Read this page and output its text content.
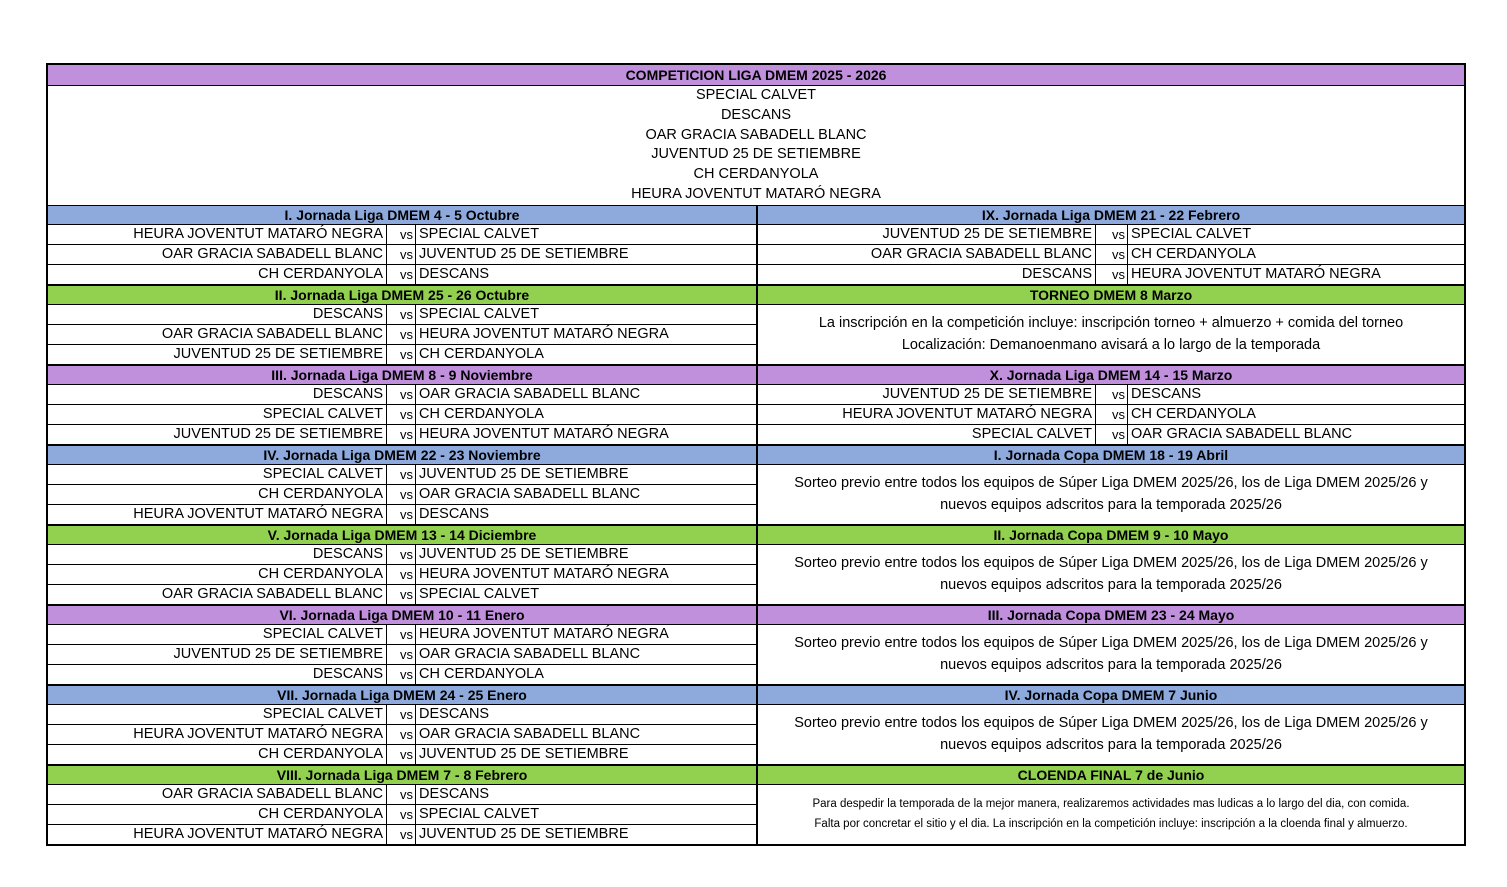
COMPETICION LIGA DMEM 2025 - 2026
SPECIAL CALVET
DESCANS
OAR GRACIA SABADELL BLANC
JUVENTUD 25 DE SETIEMBRE
CH CERDANYOLA
HEURA JOVENTUT MATARÓ NEGRA
I. Jornada Liga DMEM 4 - 5 Octubre
HEURA JOVENTUT MATARÓ NEGRA	vs SPECIAL CALVET
OAR GRACIA SABADELL BLANC	vs JUVENTUD 25 DE SETIEMBRE
CH CERDANYOLA	vs DESCANS
II. Jornada Liga DMEM 25 - 26 Octubre
DESCANS	vs SPECIAL CALVET
OAR GRACIA SABADELL BLANC	vs HEURA JOVENTUT MATARÓ NEGRA
JUVENTUD 25 DE SETIEMBRE	vs CH CERDANYOLA
III. Jornada Liga DMEM 8 - 9 Noviembre
DESCANS	vs OAR GRACIA SABADELL BLANC
SPECIAL CALVET	vs CH CERDANYOLA
JUVENTUD 25 DE SETIEMBRE	vs HEURA JOVENTUT MATARÓ NEGRA
IV. Jornada Liga DMEM 22 - 23 Noviembre
SPECIAL CALVET	vs JUVENTUD 25 DE SETIEMBRE
CH CERDANYOLA	vs OAR GRACIA SABADELL BLANC
HEURA JOVENTUT MATARÓ NEGRA	vs DESCANS
V. Jornada Liga DMEM 13 - 14 Diciembre
DESCANS	vs JUVENTUD 25 DE SETIEMBRE
CH CERDANYOLA	vs HEURA JOVENTUT MATARÓ NEGRA
OAR GRACIA SABADELL BLANC	vs SPECIAL CALVET
VI. Jornada Liga DMEM 10 - 11 Enero
SPECIAL CALVET	vs HEURA JOVENTUT MATARÓ NEGRA
JUVENTUD 25 DE SETIEMBRE	vs OAR GRACIA SABADELL BLANC
DESCANS	vs CH CERDANYOLA
VII. Jornada Liga DMEM 24 - 25 Enero
SPECIAL CALVET	vs DESCANS
HEURA JOVENTUT MATARÓ NEGRA	vs OAR GRACIA SABADELL BLANC
CH CERDANYOLA	vs JUVENTUD 25 DE SETIEMBRE
VIII. Jornada Liga DMEM 7 - 8 Febrero
OAR GRACIA SABADELL BLANC	vs DESCANS
CH CERDANYOLA	vs SPECIAL CALVET
HEURA JOVENTUT MATARÓ NEGRA	vs JUVENTUD 25 DE SETIEMBRE
IX. Jornada Liga DMEM 21 - 22 Febrero
JUVENTUD 25 DE SETIEMBRE	vs SPECIAL CALVET
OAR GRACIA SABADELL BLANC	vs CH CERDANYOLA
DESCANS	vs HEURA JOVENTUT MATARÓ NEGRA
TORNEO DMEM 8 Marzo
La inscripción en la competición incluye: inscripción torneo + almuerzo + comida del torneo
Localización: Demanoenmano avisará a lo largo de la temporada
X. Jornada Liga DMEM 14 - 15 Marzo
JUVENTUD 25 DE SETIEMBRE	vs DESCANS
HEURA JOVENTUT MATARÓ NEGRA	vs CH CERDANYOLA
SPECIAL CALVET	vs OAR GRACIA SABADELL BLANC
I. Jornada Copa DMEM 18 - 19 Abril
Sorteo previo entre todos los equipos de Súper Liga DMEM 2025/26, los de Liga DMEM 2025/26 y
nuevos equipos adscritos para la temporada 2025/26
II. Jornada Copa DMEM 9 - 10 Mayo
Sorteo previo entre todos los equipos de Súper Liga DMEM 2025/26, los de Liga DMEM 2025/26 y
nuevos equipos adscritos para la temporada 2025/26
III. Jornada Copa DMEM 23 - 24 Mayo
Sorteo previo entre todos los equipos de Súper Liga DMEM 2025/26, los de Liga DMEM 2025/26 y
nuevos equipos adscritos para la temporada 2025/26
IV. Jornada Copa DMEM 7 Junio
Sorteo previo entre todos los equipos de Súper Liga DMEM 2025/26, los de Liga DMEM 2025/26 y
nuevos equipos adscritos para la temporada 2025/26
CLOENDA FINAL 7 de Junio
Para despedir la temporada de la mejor manera, realizaremos actividades mas ludicas a lo largo del dia, con comida.
Falta por concretar el sitio y el dia. La inscripción en la competición incluye: inscripción a la cloenda final y almuerzo.
